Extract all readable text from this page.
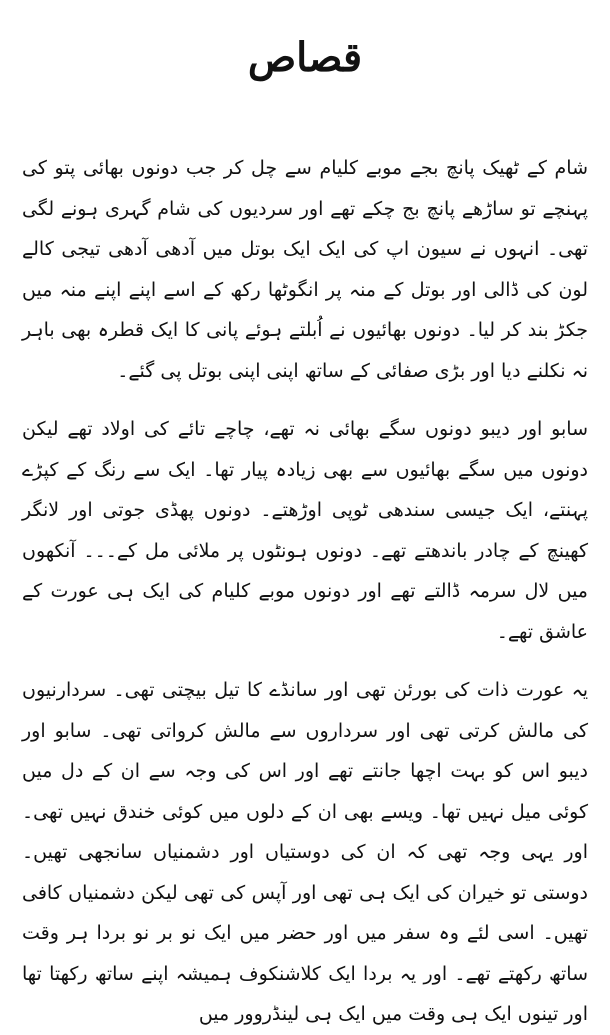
قصاص

شام کے ٹھیک پانچ بجے موبے کلیام سے چل کر جب دونوں بھائی پتو کی پہنچے تو ساڑھے پانچ بج چکے تھے اور سردیوں کی شام گہری ہونے لگی تھی۔ انہوں نے سیون اپ کی ایک ایک بوتل میں آدھی آدھی تیجی کالے لون کی ڈالی اور بوتل کے منہ پر انگوٹھا رکھ کے اسے اپنے اپنے منہ میں جکڑ بند کر لیا۔ دونوں بھائیوں نے اُبلتے ہوئے پانی کا ایک قطرہ بھی باہر نہ نکلنے دیا اور بڑی صفائی کے ساتھ اپنی اپنی بوتل پی گئے۔

سابو اور دیبو دونوں سگے بھائی نہ تھے، چاچے تائے کی اولاد تھے لیکن دونوں میں سگے بھائیوں سے بھی زیادہ پیار تھا۔ ایک سے رنگ کے کپڑے پہنتے، ایک جیسی سندھی ٹوپی اوڑھتے۔ دونوں پھڈی جوتی اور لانگر کھینچ کے چادر باندھتے تھے۔ دونوں ہونٹوں پر ملائی مل کے۔۔۔ آنکھوں میں لال سرمہ ڈالتے تھے اور دونوں موبے کلیام کی ایک ہی عورت کے عاشق تھے۔

یہ عورت ذات کی بورئن تھی اور سانڈے کا تیل بیچتی تھی۔ سردارنیوں کی مالش کرتی تھی اور سرداروں سے مالش کرواتی تھی۔ سابو اور دیبو اس کو بہت اچھا جانتے تھے اور اس کی وجہ سے ان کے دل میں کوئی میل نہیں تھا۔ ویسے بھی ان کے دلوں میں کوئی خندق نہیں تھی۔ اور یہی وجہ تھی کہ ان کی دوستیاں اور دشمنیاں سانجھی تھیں۔ دوستی تو خیران کی ایک ہی تھی اور آپس کی تھی لیکن دشمنیاں کافی تھیں۔ اسی لئے وہ سفر میں اور حضر میں ایک نو بر نو بردا ہر وقت ساتھ رکھتے تھے۔ اور یہ بردا ایک کلاشنکوف ہمیشہ اپنے ساتھ رکھتا تھا اور تینوں ایک ہی وقت میں ایک ہی لینڈروور میں
